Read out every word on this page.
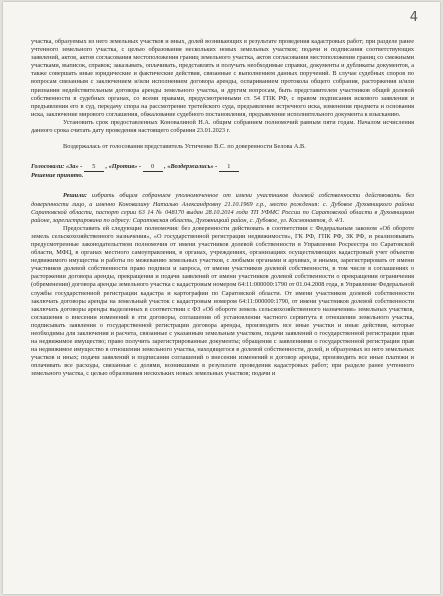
4

участка, образуемых из него земельных участков и иных, долей возникающих в результате проведения кадастровых работ; при разделе ранее учтенного земельного участка, с целью образования нескольких новых земельных участков; подачи и подписания соответствующих заявлений, актов, актов согласования местоположения границ земельного участка, актов согласования местоположения границ со смежными участками, выписок, справок; заказывать, оплачивать, представлять и получать необходимые справки, документы и дубликаты документов, а также совершать иные юридические и фактические действия, связанные с выполнением данных поручений. В случае судебных споров по вопросам связанным с заключением и/или исполнением договора аренды, оспариванием протокола общего собрания, расторжения и/или признании недействительным договора аренды земельного участка, и другим вопросам, быть представителем участников общей долевой собственности в судебных органах, со всеми правами, предусмотренными ст. 54 ГПК РФ, с правом подписания искового заявления и предъявления его в суд, передачу спора на рассмотрение третейского суда, предъявление встречного иска, изменения предмета и основания иска, заключение мирового соглашения, обжалование судебного постановления, предъявление исполнительного документа к взысканию.

Установить срок предоставленных Коновалиной Н.А. общим собранием полномочий равным пяти годам. Началом исчисления данного срока считать дату проведения настоящего собрания 23.01.2023 г.

Воздержалась от голосования представитель Устиченко В.С. по доверенности Белова А.В.

Голосовали: «За» - 5 , «Против» - 0 , «Воздержались» - 1

Решение принято.

Решили: избрать общим собранием уполномоченное от имени участников долевой собственности действовать без доверенности лицо, а именно Коновалину Наталью Александровну 21.10.1969 г.р., место рождения: с. Дубовое Духовницкого района Саратовской области, паспорт серии 63 14 № 048170 выдан 28.10.2014 года ТП УФМС России по Саратовской области в Духовницком районе, зарегистрирована по адресу: Саратовская область, Духовницкий район, с. Дубовое, ул. Космонавтов, д. 4/1.

Предоставить ей следующие полномочия: без доверенности действовать в соответствии с Федеральным законом «Об обороте земель сельскохозяйственного назначения», «О государственной регистрации недвижимости», ГК РФ, ГПК РФ, ЗК РФ, и реализовывать предусмотренные законодательством полномочия от имени участников долевой собственности в Управлении Росреестра по Саратовской области, МФЦ, в органах местного самоуправления, в органах, учреждениях, организациях осуществляющих кадастровый учет объектов недвижимого имущества и работы по межеванию земельных участков, с любыми органами и архивах, и иными, зарегистрировать от имени участников долевой собственности право подписи и запроса, от имени участников долевой собственности, в том числе в соглашениях о расторжении договора аренды, прекращения и подачи заявлений от имени участников долевой собственности о прекращении ограничения (обременения) договора аренды земельного участка с кадастровым номером 64:11:000000:1790 от 01.04.2008 года, в Управление Федеральной службы государственной регистрации кадастра и картографии по Саратовской области. От имени участников долевой собственности заключать договоры аренды на земельный участок с кадастровым номером 64:11:000000:1790, от имени участников долевой собственности заключать договоры аренды выделенных в соответствии с ФЗ «Об обороте земель сельскохозяйственного назначения» земельных участков, соглашения о внесении изменений в эти договоры, соглашения об установлении частного сервитута в отношении земельного участка, подписывать заявления о государственной регистрации договора аренды, производить все иные участки и иные действия, которые необходимы для заключения и расчета, связанные с указанным земельным участком, подачи заявлений о государственной регистрации прав на недвижимое имущество; право получить зарегистрированные документы; обращения с заявлениями о государственной регистрации прав на недвижимое имущество в отношении земельного участка, находящегося в долевой собственности, долей, и образуемых из него земельных участков и иных; подачи заявлений и подписания соглашений о внесении изменений в договор аренды, производить все иные платежи и оплачивать все расходы, связанные с долями, возникшими в результате проведения кадастровых работ; при разделе ранее учтенного земельного участка, с целью образования нескольких новых земельных участков; подачи и
